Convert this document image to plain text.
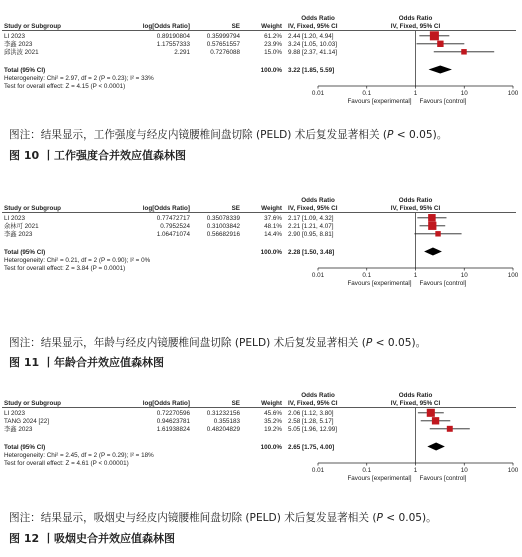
Odds Ratio	Odds Ratio
Study or Subgroup	log[Odds Ratio]	SE	Weight IV, Fixed, 95% CI	IV, Fixed, 95% CI
LI 2023	0.89190804	0.35999794	61.2% 2.44 [1.20, 4.94]
李鑫 2023	1.17557333	0.57651557	23.9% 3.24 [1.05, 10.03]
邱洪波 2021	2.291	0.7276088	15.0% 9.88 [2.37, 41.14]
Total (95% CI)	100.0% 3.22 [1.85, 5.59]
Heterogeneity: Chi² = 2.97, df = 2 (P = 0.23); I² = 33%
Test for overall effect: Z = 4.15 (P < 0.0001)
0.01	0.1	1	10	100
Favours [experimental] Favours [control]
图注：结果显示，工作强度与经皮内镜腰椎间盘切除 (PELD) 术后复发显著相关 (P < 0.05)。
图 10 丨工作强度合并效应值森林图
Odds Ratio	Odds Ratio
Study or Subgroup	log[Odds Ratio]	SE	Weight IV, Fixed, 95% CI	IV, Fixed, 95% CI
LI 2023	0.77472717	0.35078339	37.6% 2.17 [1.09, 4.32]
余林可 2021	0.7952524	0.31003842	48.1% 2.21 [1.21, 4.07]
李鑫 2023	1.06471074	0.56682916	14.4% 2.90 [0.95, 8.81]
Total (95% CI)	100.0% 2.28 [1.50, 3.48]
Heterogeneity: Chi² = 0.21, df = 2 (P = 0.90); I² = 0%
Test for overall effect: Z = 3.84 (P = 0.0001)
0.01	0.1	1	10	100
Favours [experimental] Favours [control]
图注：结果显示，年龄与经皮内镜腰椎间盘切除 (PELD) 术后复发显著相关 (P < 0.05)。
图 11 丨年龄合并效应值森林图
Odds Ratio	Odds Ratio
Study or Subgroup	log[Odds Ratio]	SE	Weight IV, Fixed, 95% CI	IV, Fixed, 95% CI
LI 2023	0.72270596	0.31232156	45.6% 2.06 [1.12, 3.80]
TANG 2024 [22]	0.94623781	0.355183	35.2% 2.58 [1.28, 5.17]
李鑫 2023	1.61938824	0.48204829	19.2% 5.05 [1.96, 12.99]
Total (95% CI)	100.0% 2.65 [1.75, 4.00]
Heterogeneity: Chi² = 2.45, df = 2 (P = 0.29); I² = 18%
Test for overall effect: Z = 4.61 (P < 0.00001)
0.01	0.1	1	10	100
Favours [experimental] Favours [control]
图注：结果显示，吸烟史与经皮内镜腰椎间盘切除 (PELD) 术后复发显著相关 (P < 0.05)。
图 12 丨吸烟史合并效应值森林图
